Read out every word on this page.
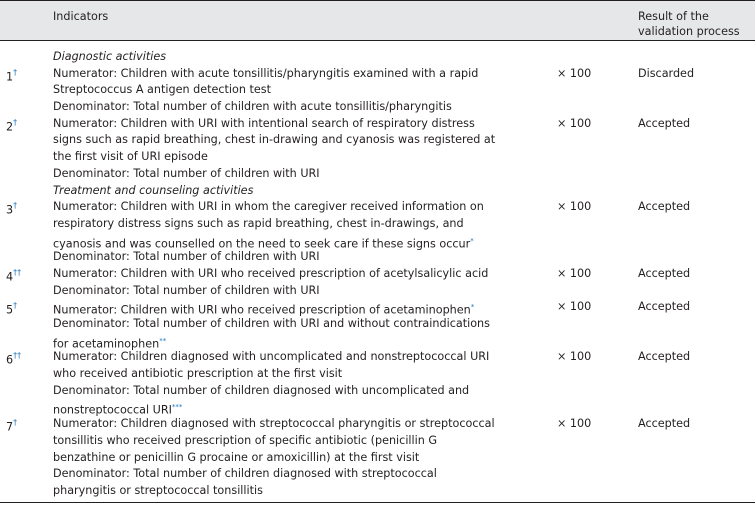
Indicators	Result of the
validation process
Diagnostic activities
1†	Numerator: Children with acute tonsillitis/pharyngitis examined with a rapid	× 100	Discarded
Streptococcus A antigen detection test
Denominator: Total number of children with acute tonsillitis/pharyngitis
2†	Numerator: Children with URI with intentional search of respiratory distress	× 100	Accepted
signs such as rapid breathing, chest in-drawing and cyanosis was registered at
the first visit of URI episode
Denominator: Total number of children with URI
Treatment and counseling activities
3†	Numerator: Children with URI in whom the caregiver received information on	× 100	Accepted
respiratory distress signs such as rapid breathing, chest in-drawings, and
cyanosis and was counselled on the need to seek care if these signs occur*
Denominator: Total number of children with URI
4††	Numerator: Children with URI who received prescription of acetylsalicylic acid	× 100	Accepted
Denominator: Total number of children with URI
5†	Numerator: Children with URI who received prescription of acetaminophen*	× 100	Accepted
Denominator: Total number of children with URI and without contraindications
for acetaminophen**
6††	Numerator: Children diagnosed with uncomplicated and nonstreptococcal URI	× 100	Accepted
who received antibiotic prescription at the first visit
Denominator: Total number of children diagnosed with uncomplicated and
nonstreptococcal URI***
7†	Numerator: Children diagnosed with streptococcal pharyngitis or streptococcal	× 100	Accepted
tonsillitis who received prescription of specific antibiotic (penicillin G
benzathine or penicillin G procaine or amoxicillin) at the first visit
Denominator: Total number of children diagnosed with streptococcal
pharyngitis or streptococcal tonsillitis
